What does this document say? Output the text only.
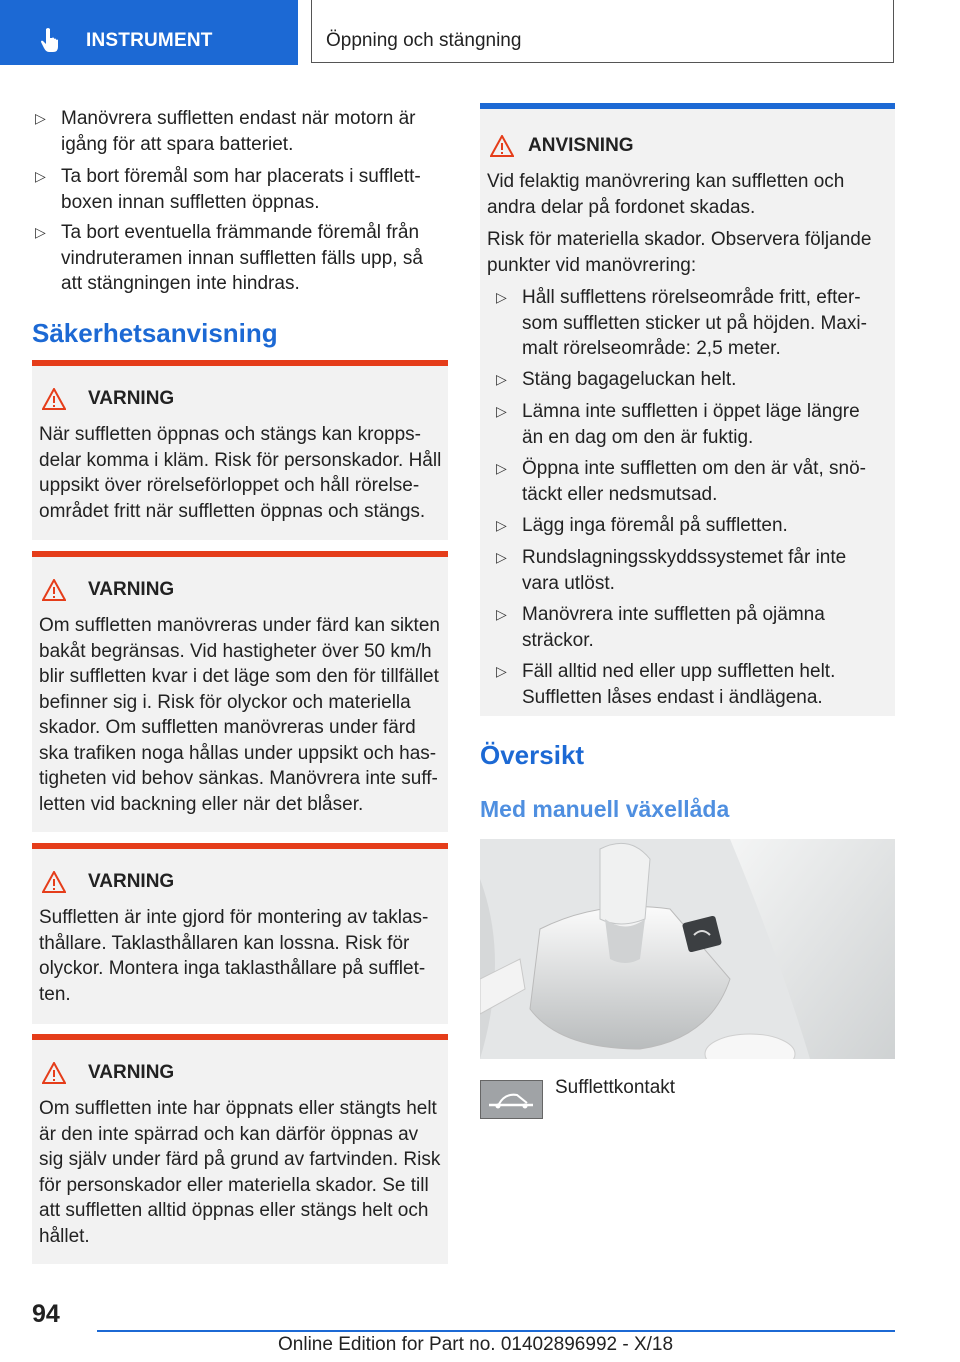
INSTRUMENT	Öppning och stängning
▷ Manövrera suffletten endast när motorn är
igång för att spara batteriet.
▷ Ta bort föremål som har placerats i sufflett-
boxen innan suffletten öppnas.
▷ Ta bort eventuella främmande föremål från
vindruteramen innan suffletten fälls upp, så
att stängningen inte hindras.
Säkerhetsanvisning
VARNING
När suffletten öppnas och stängs kan kropps-
delar komma i kläm. Risk för personskador. Håll
uppsikt över rörelseförloppet och håll rörelse-
området fritt när suffletten öppnas och stängs.
VARNING
Om suffletten manövreras under färd kan sikten
bakåt begränsas. Vid hastigheter över 50 km/h
blir suffletten kvar i det läge som den för tillfället
befinner sig i. Risk för olyckor och materiella
skador. Om suffletten manövreras under färd
ska trafiken noga hållas under uppsikt och has-
tigheten vid behov sänkas. Manövrera inte suff-
letten vid backning eller när det blåser.
VARNING
Suffletten är inte gjord för montering av taklas-
thållare. Taklasthållaren kan lossna. Risk för
olyckor. Montera inga taklasthållare på sufflet-
ten.
VARNING
Om suffletten inte har öppnats eller stängts helt
är den inte spärrad och kan därför öppnas av
sig själv under färd på grund av fartvinden. Risk
för personskador eller materiella skador. Se till
att suffletten alltid öppnas eller stängs helt och
hållet.
ANVISNING
Vid felaktig manövrering kan suffletten och
andra delar på fordonet skadas.
Risk för materiella skador. Observera följande
punkter vid manövrering:
▷ Håll sufflettens rörelseområde fritt, efter-
som suffletten sticker ut på höjden. Maxi-
malt rörelseområde: 2,5 meter.
▷ Stäng bagageluckan helt.
▷ Lämna inte suffletten i öppet läge längre
än en dag om den är fuktig.
▷ Öppna inte suffletten om den är våt, snö-
täckt eller nedsmutsad.
▷ Lägg inga föremål på suffletten.
▷ Rundslagningsskyddssystemet får inte
vara utlöst.
▷ Manövrera inte suffletten på ojämna
sträckor.
▷ Fäll alltid ned eller upp suffletten helt.
Suffletten låses endast i ändlägena.
Översikt
Med manuell växellåda
Sufflettkontakt
94
Online Edition for Part no. 01402896992 - X/18
